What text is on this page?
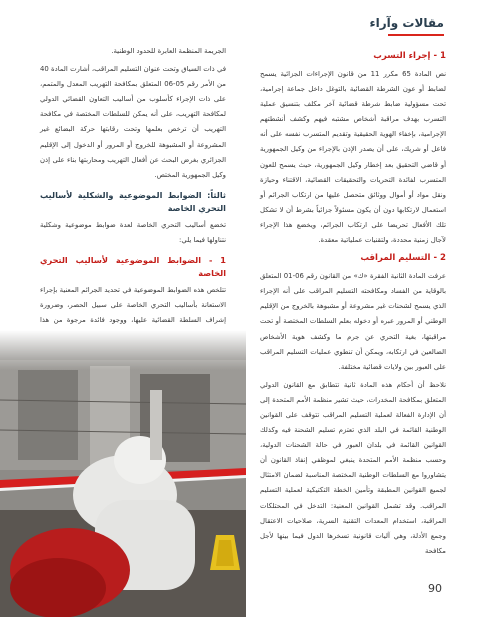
مقالات وآراء
1 - إجراء التسرب

نص المادة 65 مكرر 11 من قانون الإجراءات الجزائية يسمح لضابط أو عون الشرطة القضائية بالتوغل داخل جماعة إجرامية، تحت مسؤولية ضابط شرطة قضائية آخر مكلف بتنسيق عملية التسرب بهدف مراقبة أشخاص مشتبه فيهم وكشف أنشطتهم الإجرامية، بإخفاء الهوية الحقيقية وتقديم المتسرب نفسه على أنه فاعل أو شريك، على أن يصدر الإذن بالإجراء من وكيل الجمهورية أو قاضي التحقيق بعد إخطار وكيل الجمهورية، حيث يسمح للعون المتسرب لفائدة التحريات والتحقيقات القضائية، الاقتناء وحيازة ونقل مواد أو أموال ووثائق متحصل عليها من ارتكاب الجرائم أو استعمال لارتكابها دون أن يكون مسئولاً جزائياً بشرط أن لا تشكل تلك الأفعال تحريضا على ارتكاب الجرائم، ويخضع هذا الإجراء لآجال زمنية محددة، ولتقنيات عملياتية معقدة.

2 - التسليم المراقب

عرفت المادة الثانية الفقرة «ك» من القانون رقم 06-01 المتعلق بالوقاية من الفساد ومكافحته التسليم المراقب على أنه الإجراء الذي يسمح لشحنات غير مشروعة أو مشبوهة بالخروج من الإقليم الوطني أو المرور عبره أو دخوله بعلم السلطات المختصة أو تحت مراقبتها، بغية التحري عن جرم ما وكشف هوية الأشخاص الضالعين في ارتكابه، ويمكن أن تنطوي عمليات التسليم المراقب على العبور بين ولايات قضائية مختلفة.

نلاحظ أن أحكام هذه المادة ثانية تتطابق مع القانون الدولي المتعلق بمكافحة المخدرات، حيث تشير منظمة الأمم المتحدة إلى أن الإدارة الفعالة لعملية التسليم المراقب تتوقف على القوانين الوطنية القائمة في البلد الذي تعتزم تسليم الشحنة فيه وكذلك القوانين القائمة في بلدان العبور في حالة الشحنات الدولية، وحسب منظمة الأمم المتحدة ينبغي لموظفي إنفاذ القانون أن يتشاوروا مع السلطات الوطنية المختصة المناسبة لضمان الامتثال لجميع القوانين المطبقة وتأمين الخطة التكتيكية لعملية التسليم المراقب. وقد تشمل القوانين المعنية: التدخل في المحتلكات المراقبة، استخدام المعدات التقنية السرية، صلاحيات الاعتقال وجمع الأدلة، وهي آليات قانونية تسخرها الدول فيما بينها لأجل مكافحة

الجريمة المنظمة العابرة للحدود الوطنية.

في ذات السياق وتحت عنوان التسليم المراقب، أشارت المادة 40 من الأمر رقم 05-06 المتعلق بمكافحة التهريب المعدل والمتمم، على ذات الإجراء كأسلوب من أساليب التعاون القضائي الدولي لمكافحة التهريب، على أنه يمكن للسلطات المختصة في مكافحة التهريب أن ترخص بعلمها وتحت رقابتها حركة البضائع غير المشروعة أو المشبوهة للخروج أو المرور أو الدخول إلى الإقليم الجزائري بغرض البحث عن أفعال التهريب ومحاربتها بناء على إذن وكيل الجمهورية المختص.

ثالثاً: الضوابط الموضوعية والشكلية لأساليب التحري الخاصة

تخضع أساليب التحري الخاصة لعدة ضوابط موضوعية وشكلية نتناولها فيما يلي:

1 - الضوابط الموضوعية لأساليب التحري الخاصة

تتلخص هذه الضوابط الموضوعية في تحديد الجرائم المعنية بإجراء الاستعانة بأساليب التحري الخاصة على سبيل الحصر، وضرورة إشراف السلطة القضائية عليها، ووجود فائدة مرجوة من هذا

90
